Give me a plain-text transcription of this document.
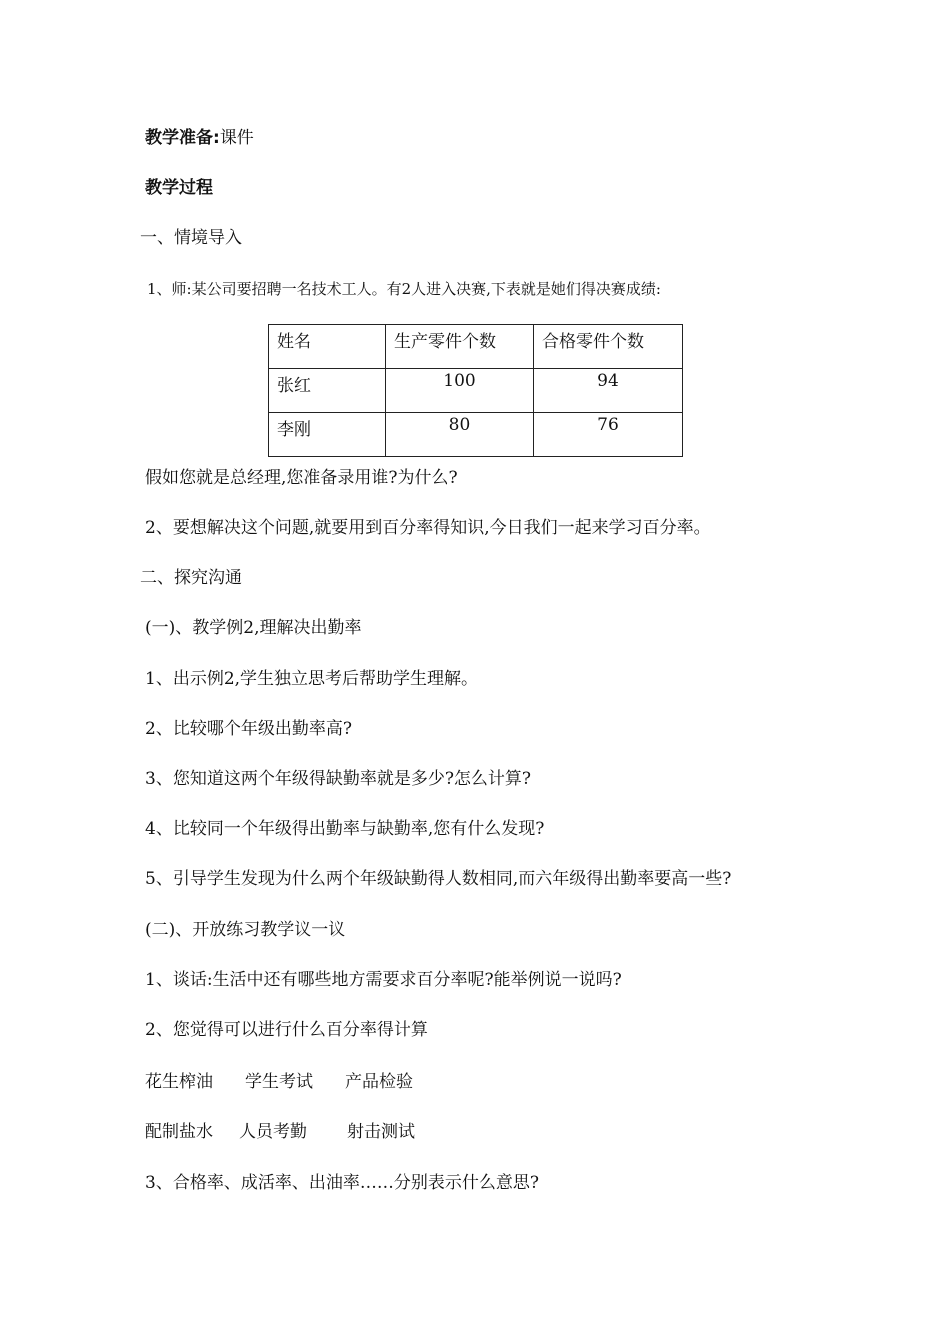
教学准备:课件
教学过程
一、情境导入
1、师:某公司要招聘一名技术工人。有2人进入决赛,下表就是她们得决赛成绩:
姓名	生产零件个数	合格零件个数
张红	100	94
李刚	80	76
假如您就是总经理,您准备录用谁?为什么?
2、要想解决这个问题,就要用到百分率得知识,今日我们一起来学习百分率。
二、探究沟通
(一)、教学例2,理解决出勤率
1、出示例2,学生独立思考后帮助学生理解。
2、比较哪个年级出勤率高?
3、您知道这两个年级得缺勤率就是多少?怎么计算?
4、比较同一个年级得出勤率与缺勤率,您有什么发现?
5、引导学生发现为什么两个年级缺勤得人数相同,而六年级得出勤率要高一些?
(二)、开放练习教学议一议
1、谈话:生活中还有哪些地方需要求百分率呢?能举例说一说吗?
2、您觉得可以进行什么百分率得计算
花生榨油 学生考试 产品检验
配制盐水 人员考勤 射击测试
3、合格率、成活率、出油率……分别表示什么意思?
